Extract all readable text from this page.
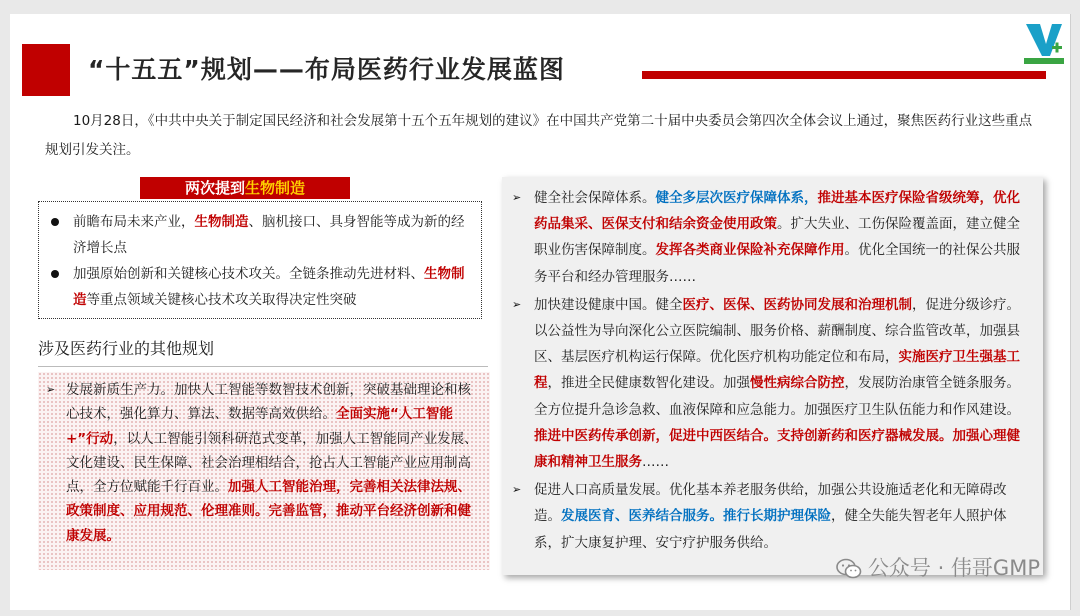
“十五五”规划——布局医药行业发展蓝图
10月28日，《中共中央关于制定国民经济和社会发展第十五个五年规划的建议》在中国共产党第二十届中央委员会第四次全体会议上通过，聚焦医药行业这些重点规划引发关注。
两次提到生物制造
前瞻布局未来产业，生物制造、脑机接口、具身智能等成为新的经济增长点
加强原始创新和关键核心技术攻关。全链条推动先进材料、生物制造等重点领域关键核心技术攻关取得决定性突破
涉及医药行业的其他规划
➢ 发展新质生产力。加快人工智能等数智技术创新，突破基础理论和核心技术，强化算力、算法、数据等高效供给。全面实施“人工智能+”行动，以人工智能引领科研范式变革，加强人工智能同产业发展、文化建设、民生保障、社会治理相结合，抢占人工智能产业应用制高点，全方位赋能千行百业。加强人工智能治理，完善相关法律法规、政策制度、应用规范、伦理准则。完善监管，推动平台经济创新和健康发展。
➢ 健全社会保障体系。健全多层次医疗保障体系，推进基本医疗保险省级统筹，优化药品集采、医保支付和结余资金使用政策。扩大失业、工伤保险覆盖面，建立健全职业伤害保障制度。发挥各类商业保险补充保障作用。优化全国统一的社保公共服务平台和经办管理服务……
➢ 加快建设健康中国。健全医疗、医保、医药协同发展和治理机制，促进分级诊疗。以公益性为导向深化公立医院编制、服务价格、薪酬制度、综合监管改革，加强县区、基层医疗机构运行保障。优化医疗机构功能定位和布局，实施医疗卫生强基工程，推进全民健康数智化建设。加强慢性病综合防控，发展防治康管全链条服务。全方位提升急诊急救、血液保障和应急能力。加强医疗卫生队伍能力和作风建设。推进中医药传承创新，促进中西医结合。支持创新药和医疗器械发展。加强心理健康和精神卫生服务……
➢ 促进人口高质量发展。优化基本养老服务供给，加强公共设施适老化和无障碍改造。发展医育、医养结合服务。推行长期护理保险，健全失能失智老年人照护体系，扩大康复护理、安宁疗护服务供给。
公众号 · 伟哥GMP
